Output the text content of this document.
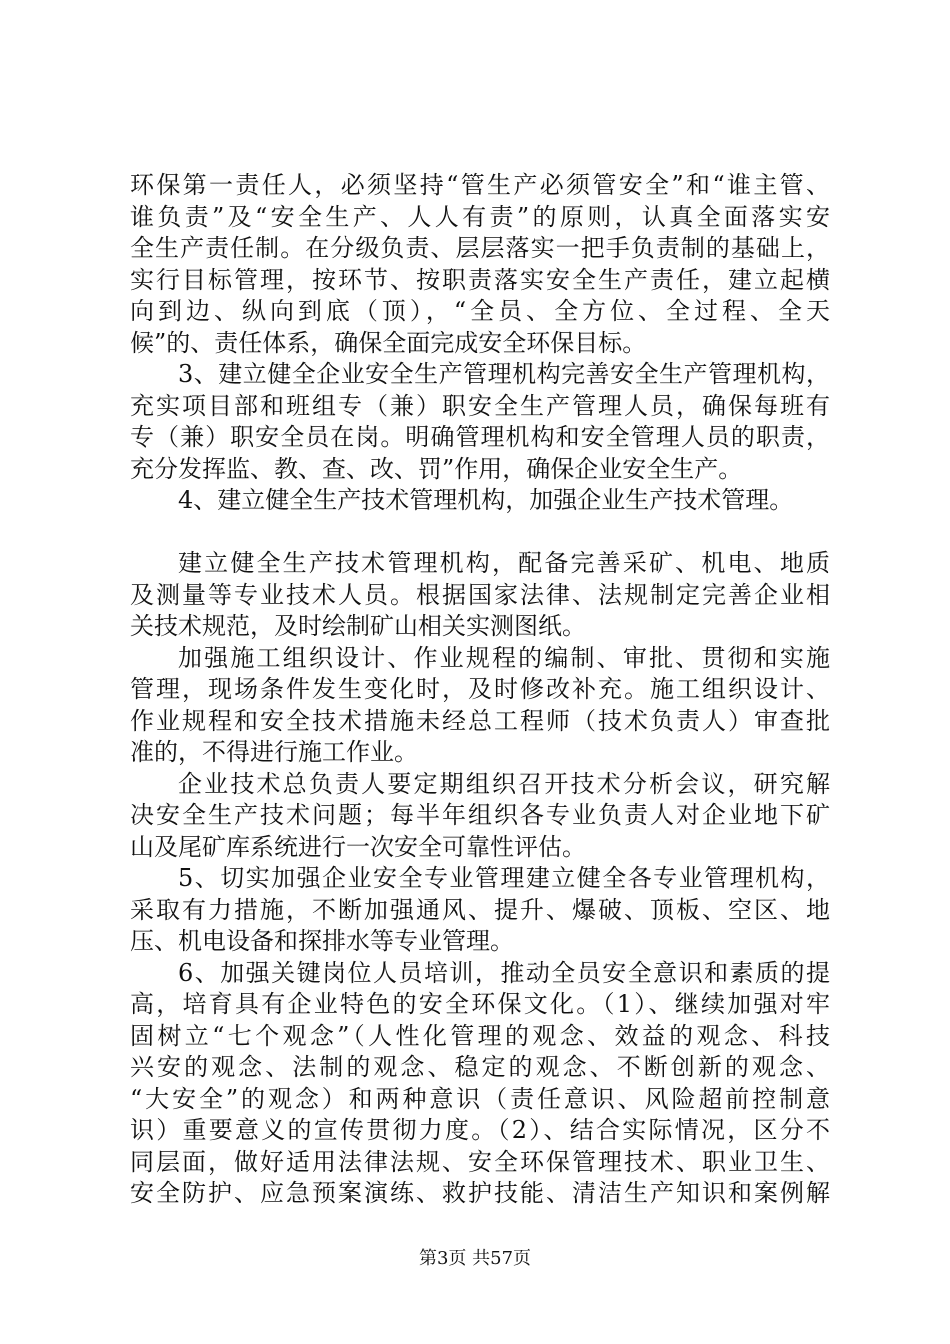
环保第一责任人，必须坚持“管生产必须管安全”和“谁主管、
谁负责”及“安全生产、人人有责”的原则，认真全面落实安
全生产责任制。在分级负责、层层落实一把手负责制的基础上，
实行目标管理，按环节、按职责落实安全生产责任，建立起横
向到边、纵向到底（顶），“全员、全方位、全过程、全天
候”的、责任体系，确保全面完成安全环保目标。
3、建立健全企业安全生产管理机构完善安全生产管理机构，
充实项目部和班组专（兼）职安全生产管理人员，确保每班有
专（兼）职安全员在岗。明确管理机构和安全管理人员的职责，
充分发挥监、教、查、改、罚”作用，确保企业安全生产。
4、建立健全生产技术管理机构，加强企业生产技术管理。
建立健全生产技术管理机构，配备完善采矿、机电、地质
及测量等专业技术人员。根据国家法律、法规制定完善企业相
关技术规范，及时绘制矿山相关实测图纸。
加强施工组织设计、作业规程的编制、审批、贯彻和实施
管理，现场条件发生变化时，及时修改补充。施工组织设计、
作业规程和安全技术措施未经总工程师（技术负责人）审查批
准的，不得进行施工作业。
企业技术总负责人要定期组织召开技术分析会议，研究解
决安全生产技术问题；每半年组织各专业负责人对企业地下矿
山及尾矿库系统进行一次安全可靠性评估。
5、切实加强企业安全专业管理建立健全各专业管理机构，
采取有力措施，不断加强通风、提升、爆破、顶板、空区、地
压、机电设备和探排水等专业管理。
6、加强关键岗位人员培训，推动全员安全意识和素质的提
高，培育具有企业特色的安全环保文化。（1）、继续加强对牢
固树立“七个观念”（人性化管理的观念、效益的观念、科技
兴安的观念、法制的观念、稳定的观念、不断创新的观念、
“大安全”的观念）和两种意识（责任意识、风险超前控制意
识）重要意义的宣传贯彻力度。（2）、结合实际情况，区分不
同层面，做好适用法律法规、安全环保管理技术、职业卫生、
安全防护、应急预案演练、救护技能、清洁生产知识和案例解
第3页 共57页
